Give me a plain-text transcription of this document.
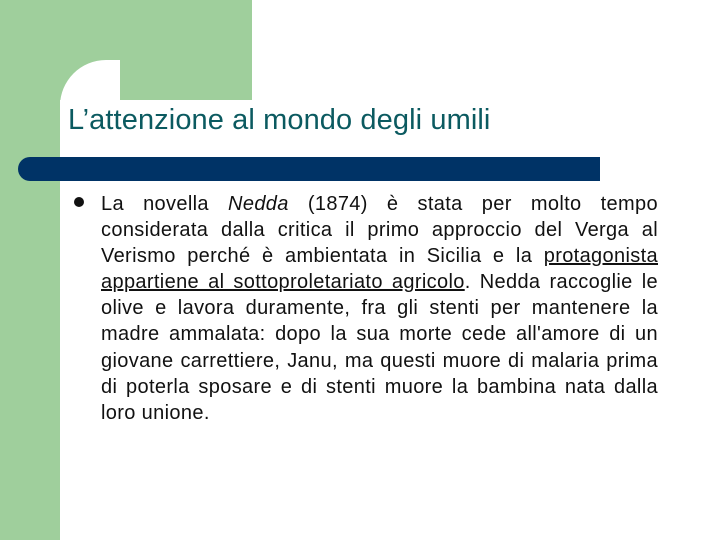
L’attenzione al mondo degli umili

La novella Nedda (1874) è stata per molto tempo considerata dalla critica il primo approccio del Verga al Verismo perché è ambientata in Sicilia e la protagonista appartiene al sottoproletariato agricolo. Nedda raccoglie le olive e lavora duramente, fra gli stenti per mantenere la madre ammalata: dopo la sua morte cede all'amore di un giovane carrettiere, Janu, ma questi muore di malaria prima di poterla sposare e di stenti muore la bambina nata dalla loro unione.
